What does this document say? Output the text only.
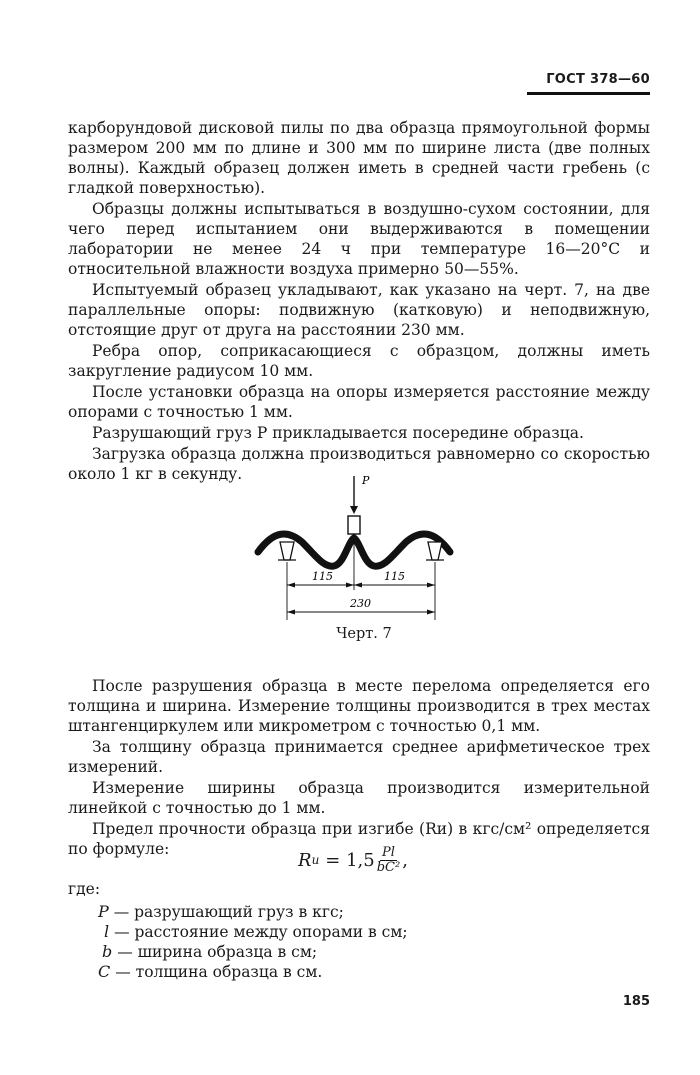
ГОСТ 378—60

карборундовой дисковой пилы по два образца прямоугольной формы размером 200 мм по длине и 300 мм по ширине листа (две полных волны). Каждый образец должен иметь в средней части гребень (с гладкой поверхностью).

Образцы должны испытываться в воздушно-сухом состоянии, для чего перед испытанием они выдерживаются в помещении лаборатории не менее 24 ч при температуре 16—20°С и относительной влажности воздуха примерно 50—55%.

Испытуемый образец укладывают, как указано на черт. 7, на две параллельные опоры: подвижную (катковую) и неподвижную, отстоящие друг от друга на расстоянии 230 мм.

Ребра опор, соприкасающиеся с образцом, должны иметь закругление радиусом 10 мм.

После установки образца на опоры измеряется расстояние между опорами с точностью 1 мм.

Разрушающий груз Р прикладывается посередине образца.

Загрузка образца должна производиться равномерно со скоростью около 1 кг в секунду.	P
115	115
230
Черт. 7

После разрушения образца в месте перелома определяется его толщина и ширина. Измерение толщины производится в трех местах штангенциркулем или микрометром с точностью 0,1 мм.

За толщину образца принимается среднее арифметическое трех измерений.

Измерение ширины образца производится измерительной линейкой с точностью до 1 мм.

Предел прочности образца при изгибе (Rи) в кгс/см² определяется по формуле:

R $и = 1,5 \frac{Pl}{\text{bC²}}$ ,
где:
P — разрушающий груз в кгс;
l — расстояние между опорами в см;
b — ширина образца в см;
C — толщина образца в см.
185
